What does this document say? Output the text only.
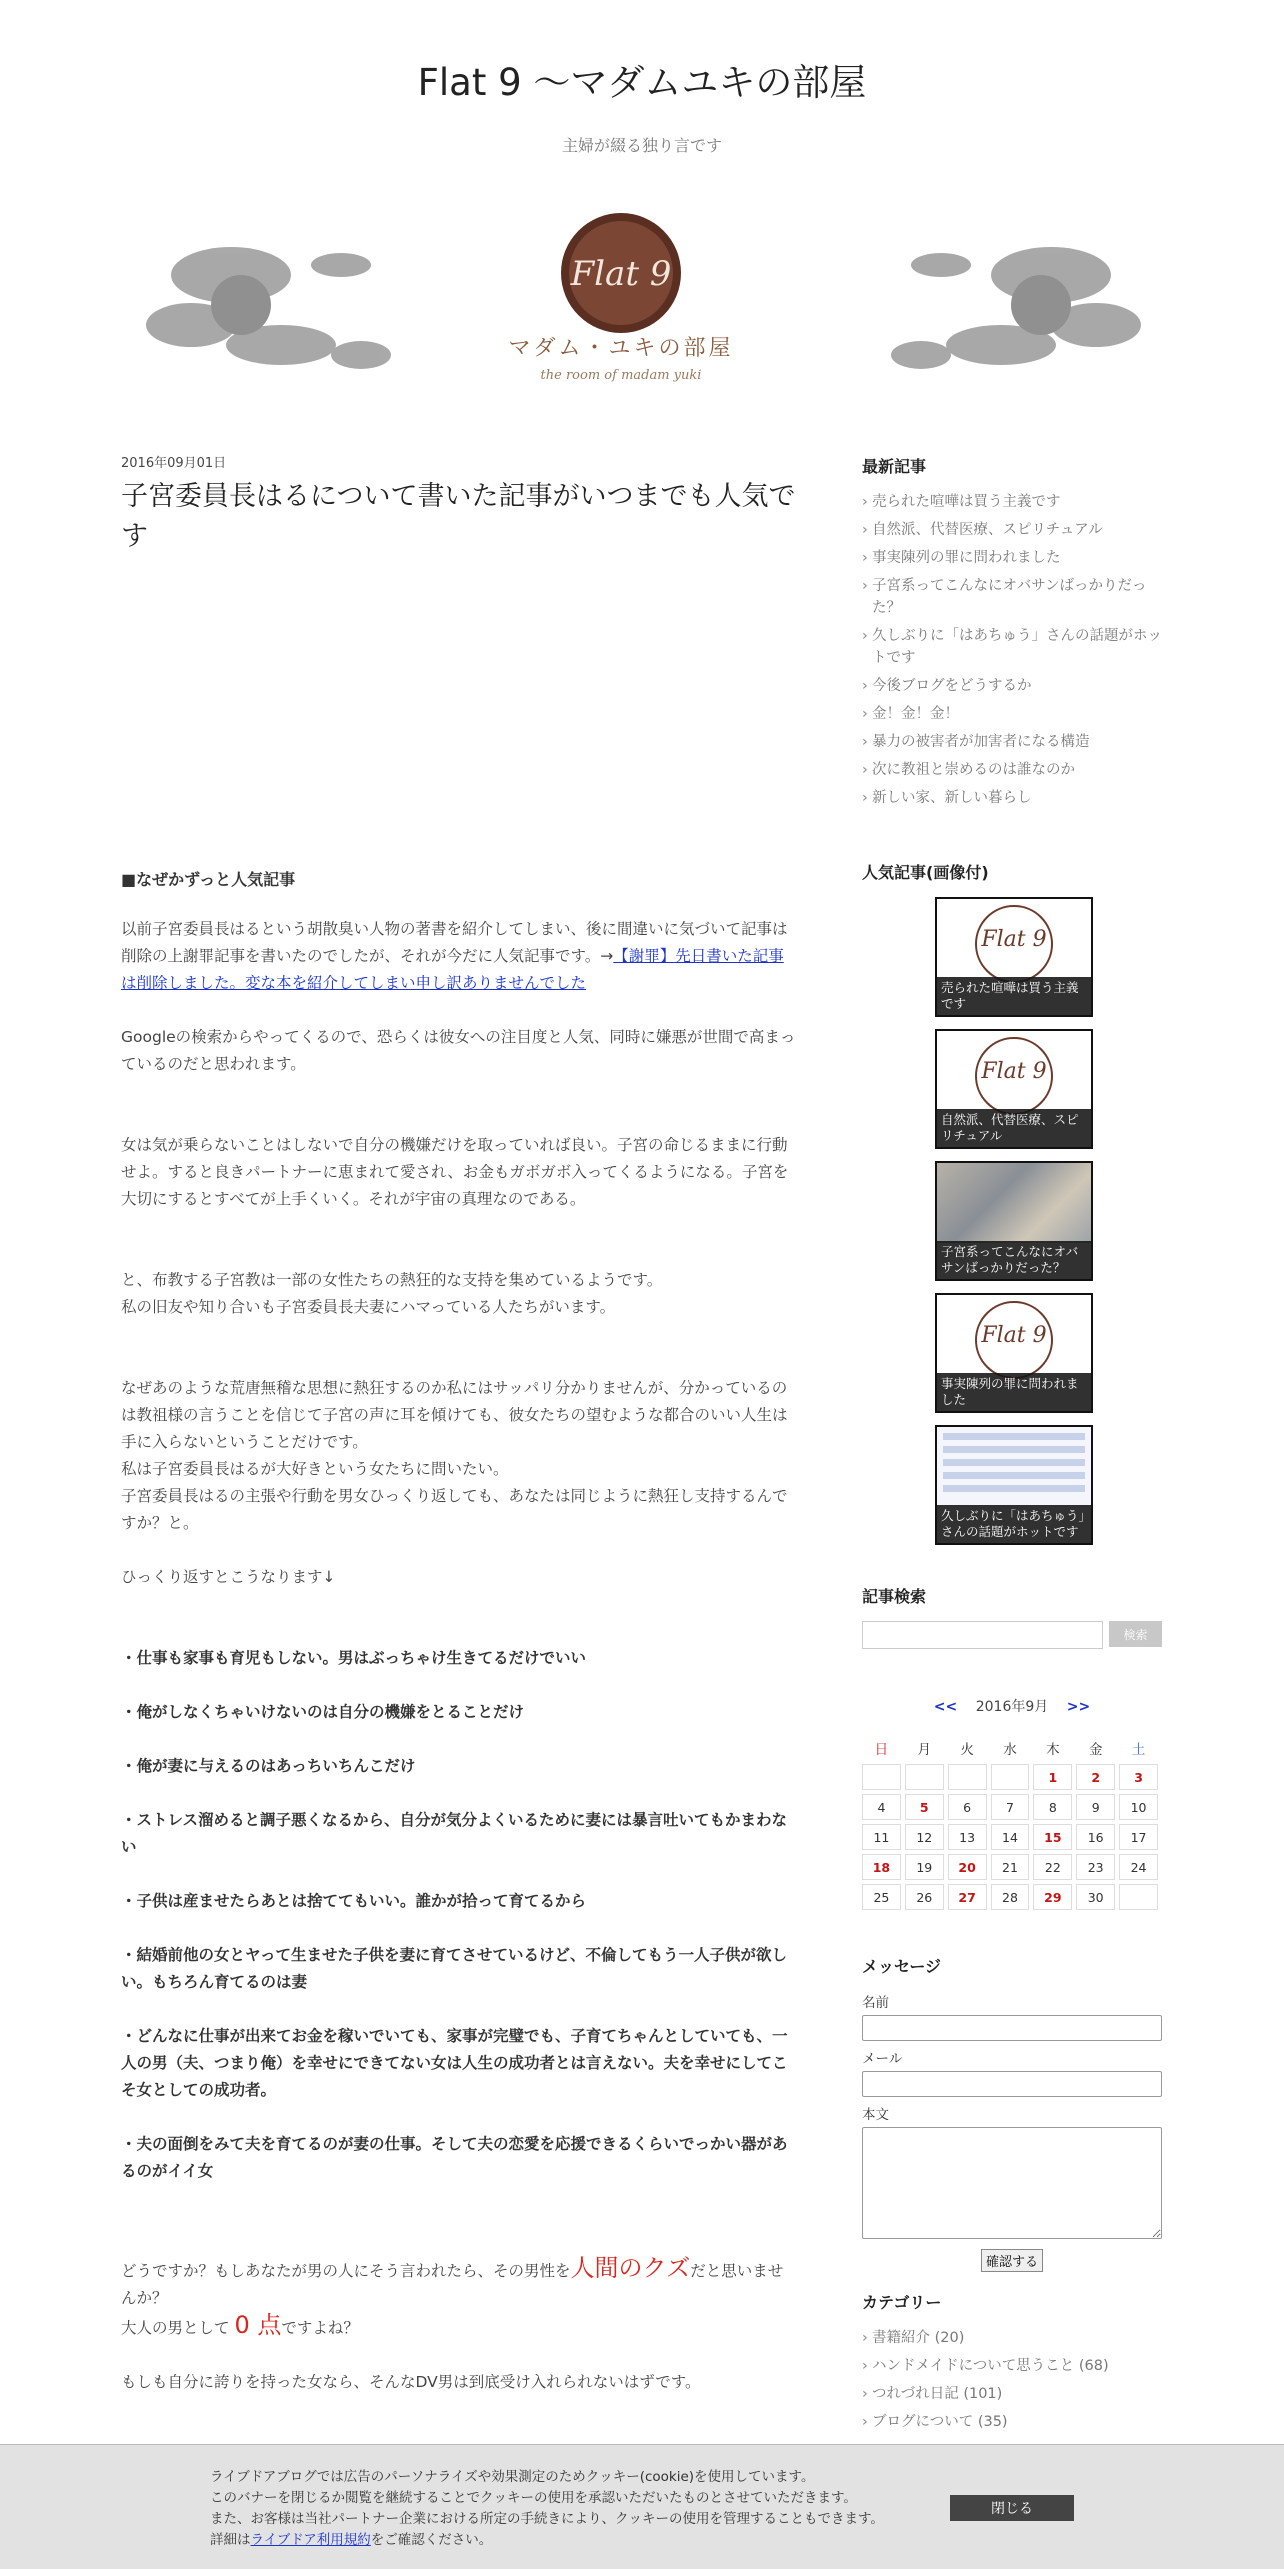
Flat 9 〜マダムユキの部屋
主婦が綴る独り言です
Flat 9
マダム・ユキの部屋
the room of madam yuki
2016年09月01日
子宮委員長はるについて書いた記事がいつまでも人気です

■なぜかずっと人気記事

以前子宮委員長はるという胡散臭い人物の著書を紹介してしまい、後に間違いに気づいて記事は削除の上謝罪記事を書いたのでしたが、それが今だに人気記事です。→【謝罪】先日書いた記事は削除しました。変な本を紹介してしまい申し訳ありませんでした

Googleの検索からやってくるので、恐らくは彼女への注目度と人気、同時に嫌悪が世間で高まっているのだと思われます。

女は気が乗らないことはしないで自分の機嫌だけを取っていれば良い。子宮の命じるままに行動せよ。すると良きパートナーに恵まれて愛され、お金もガボガボ入ってくるようになる。子宮を大切にするとすべてが上手くいく。それが宇宙の真理なのである。

と、布教する子宮教は一部の女性たちの熱狂的な支持を集めているようです。

私の旧友や知り合いも子宮委員長夫妻にハマっている人たちがいます。

なぜあのような荒唐無稽な思想に熱狂するのか私にはサッパリ分かりませんが、分かっているのは教祖様の言うことを信じて子宮の声に耳を傾けても、彼女たちの望むような都合のいい人生は手に入らないということだけです。

私は子宮委員長はるが大好きという女たちに問いたい。

子宮委員長はるの主張や行動を男女ひっくり返しても、あなたは同じように熱狂し支持するんですか？と。

ひっくり返すとこうなります↓

・仕事も家事も育児もしない。男はぶっちゃけ生きてるだけでいい

・俺がしなくちゃいけないのは自分の機嫌をとることだけ

・俺が妻に与えるのはあっちいちんこだけ

・ストレス溜めると調子悪くなるから、自分が気分よくいるために妻には暴言吐いてもかまわない

・子供は産ませたらあとは捨ててもいい。誰かが拾って育てるから

・結婚前他の女とヤって生ませた子供を妻に育てさせているけど、不倫してもう一人子供が欲しい。もちろん育てるのは妻

・どんなに仕事が出来てお金を稼いでいても、家事が完璧でも、子育てちゃんとしていても、一人の男（夫、つまり俺）を幸せにできてない女は人生の成功者とは言えない。夫を幸せにしてこそ女としての成功者。

・夫の面倒をみて夫を育てるのが妻の仕事。そして夫の恋愛を応援できるくらいでっかい器があるのがイイ女

どうですか？もしあなたが男の人にそう言われたら、その男性を人間のクズだと思いませんか？

大人の男として 0 点ですよね？

もしも自分に誇りを持った女なら、そんなDV男は到底受け入れられないはずです。

最新記事
› 売られた喧嘩は買う主義です
› 自然派、代替医療、スピリチュアル
› 事実陳列の罪に問われました
› 子宮系ってこんなにオバサンばっかりだった？
› 久しぶりに「はあちゅう」さんの話題がホットです
› 今後ブログをどうするか
› 金！金！金！
› 暴力の被害者が加害者になる構造
› 次に教祖と崇めるのは誰なのか
› 新しい家、新しい暮らし
人気記事(画像付)
Flat 9
売られた喧嘩は買う主義です
Flat 9
自然派、代替医療、スピリチュアル
子宮系ってこんなにオバサンばっかりだった？
Flat 9
事実陳列の罪に問われました
久しぶりに「はあちゅう」さんの話題がホットです
記事検索
検索
<< 2016年9月 >>
日	月	火	水	木	金	土
				1	2	3
4	5	6	7	8	9	10
11	12	13	14	15	16	17
18	19	20	21	22	23	24
25	26	27	28	29	30	
メッセージ
名前
メール
本文
確認する
カテゴリー
› 書籍紹介 (20)
› ハンドメイドについて思うこと (68)
› つれづれ日記 (101)
› ブログについて (35)

ライブドアブログでは広告のパーソナライズや効果測定のためクッキー(cookie)を使用しています。

このバナーを閉じるか閲覧を継続することでクッキーの使用を承認いただいたものとさせていただきます。

また、お客様は当社パートナー企業における所定の手続きにより、クッキーの使用を管理することもできます。

詳細はライブドア利用規約をご確認ください。

閉じる
